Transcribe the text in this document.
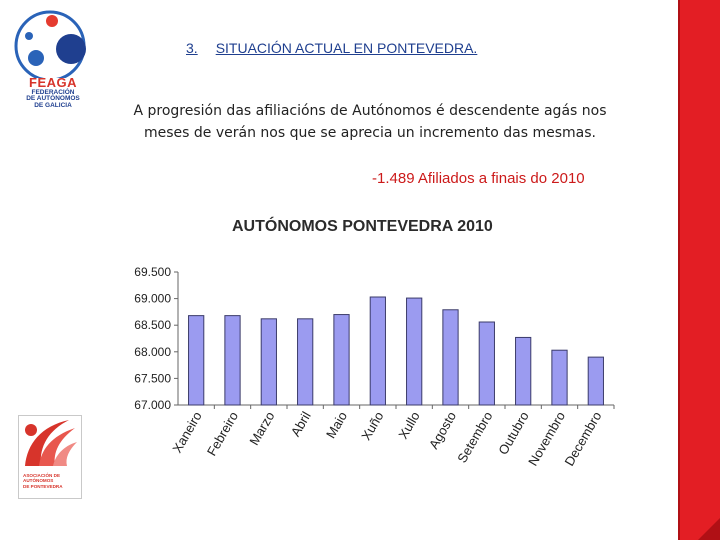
FEAGA
FEDERACIÓN
DE AUTÓNOMOS
DE GALICIA
ASOCIACIÓN DE
AUTÓNOMOS
DE PONTEVEDRA
3. SITUACIÓN ACTUAL EN PONTEVEDRA.
A progresión das afiliacións de Autónomos é descendente agás nos meses de verán nos que se aprecia un incremento das mesmas.
-1.489 Afiliados a finais do 2010
AUTÓNOMOS PONTEVEDRA 2010
67.000
67.500
68.000
68.500
69.000
69.500
Xaneiro Febreiro Marzo Abril Maio Xuño Xullo Agosto
Setembro Outubro
Novembro
Decembro
